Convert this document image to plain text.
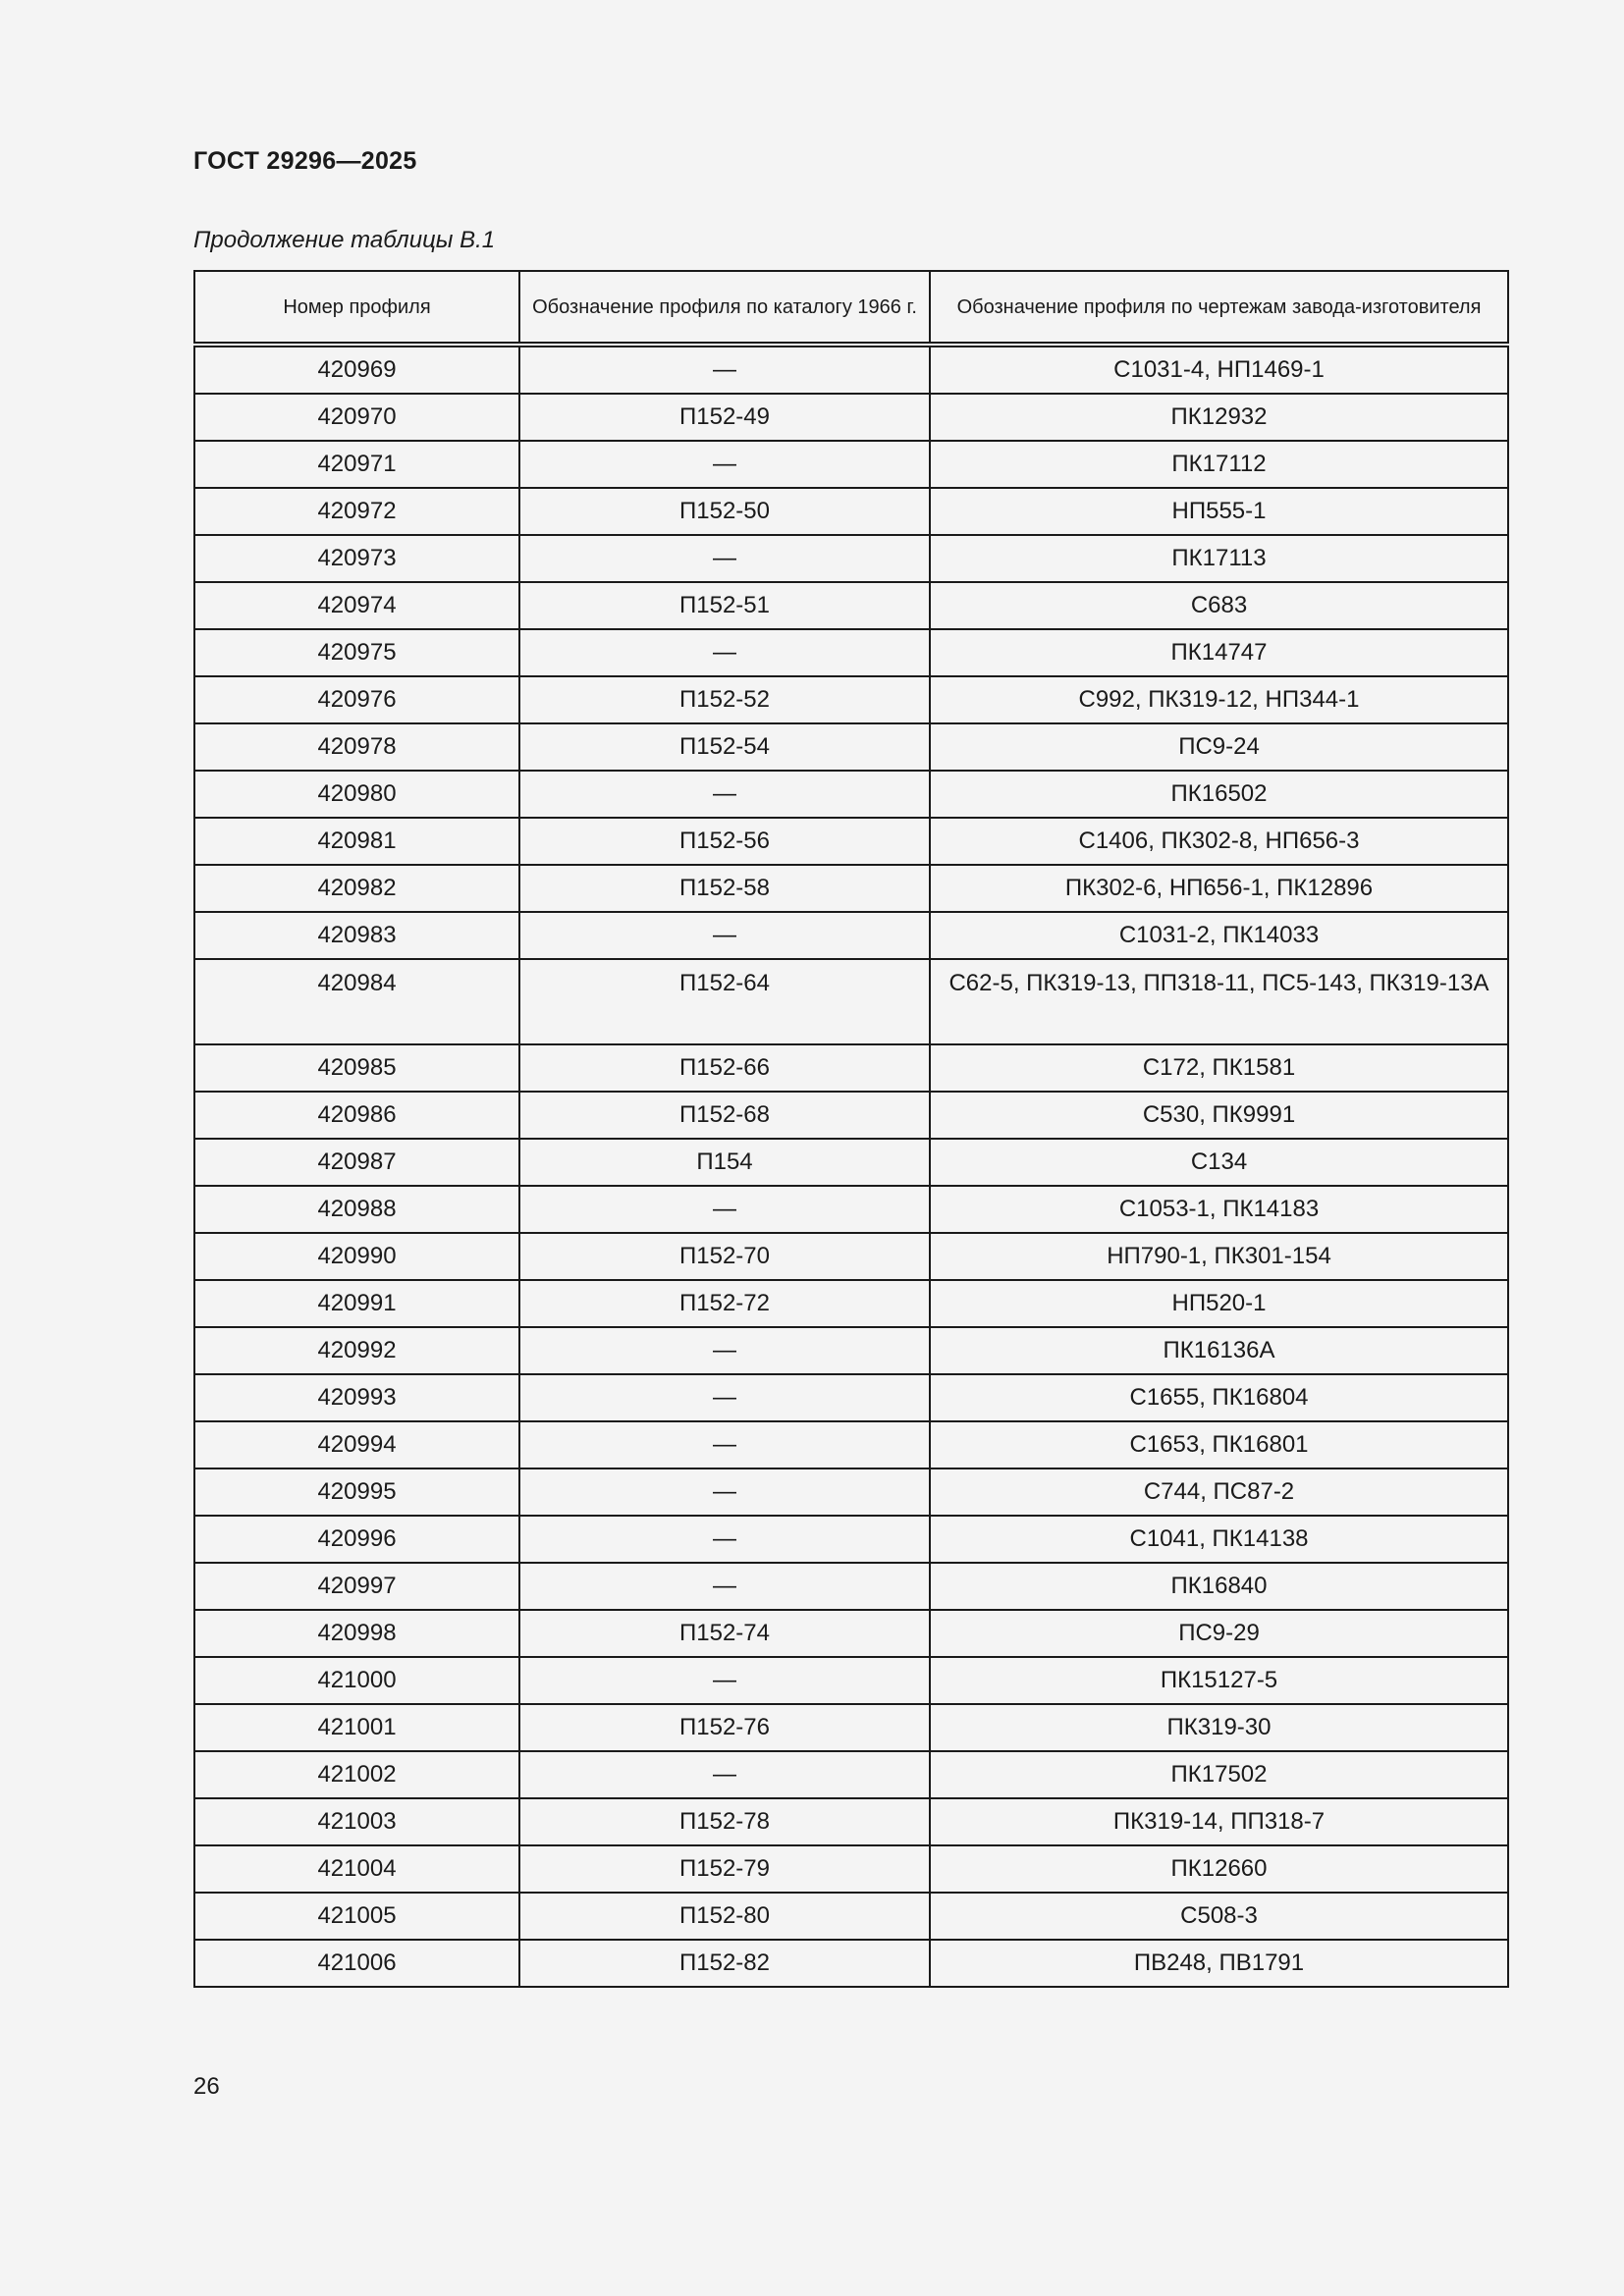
ГОСТ 29296—2025
Продолжение таблицы В.1
Номер профиля	Обозначение профиля по каталогу 1966 г.	Обозначение профиля по чертежам завода-изготовителя
420969	—	С1031-4, НП1469-1
420970	П152-49	ПК12932
420971	—	ПК17112
420972	П152-50	НП555-1
420973	—	ПК17113
420974	П152-51	С683
420975	—	ПК14747
420976	П152-52	С992, ПК319-12, НП344-1
420978	П152-54	ПС9-24
420980	—	ПК16502
420981	П152-56	С1406, ПК302-8, НП656-3
420982	П152-58	ПК302-6, НП656-1, ПК12896
420983	—	С1031-2, ПК14033
420984	П152-64	С62-5, ПК319-13, ПП318-11, ПС5-143, ПК319-13А
420985	П152-66	С172, ПК1581
420986	П152-68	С530, ПК9991
420987	П154	С134
420988	—	С1053-1, ПК14183
420990	П152-70	НП790-1, ПК301-154
420991	П152-72	НП520-1
420992	—	ПК16136А
420993	—	С1655, ПК16804
420994	—	С1653, ПК16801
420995	—	С744, ПС87-2
420996	—	С1041, ПК14138
420997	—	ПК16840
420998	П152-74	ПС9-29
421000	—	ПК15127-5
421001	П152-76	ПК319-30
421002	—	ПК17502
421003	П152-78	ПК319-14, ПП318-7
421004	П152-79	ПК12660
421005	П152-80	С508-3
421006	П152-82	ПВ248, ПВ1791
26
